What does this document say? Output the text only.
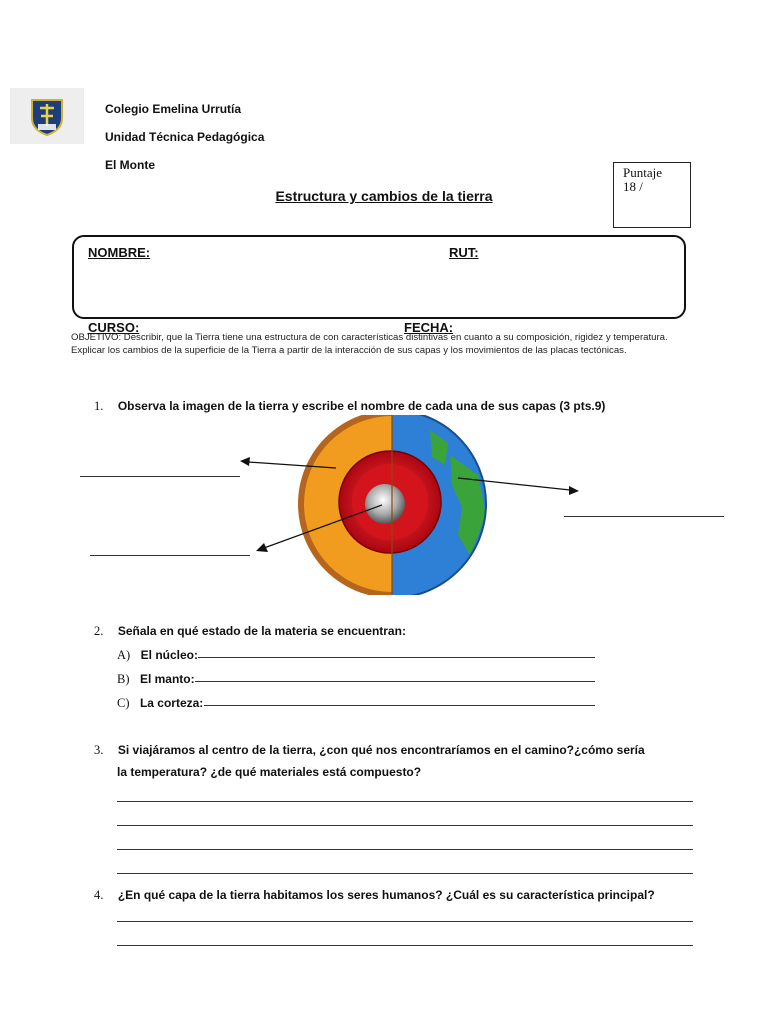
Colegio Emelina Urrutía
Unidad Técnica Pedagógica
El Monte	Puntaje
18 /
Estructura y cambios de la tierra
NOMBRE:	RUT:
CURSO:	FECHA:
OBJETIVO: Describir, que la Tierra tiene una estructura de con características distintivas en cuanto a su composición, rigidez y temperatura. Explicar los cambios de la superficie de la Tierra a partir de la interacción de sus capas y los movimientos de las placas tectónicas.
1. Observa la imagen de la tierra y escribe el nombre de cada una de sus capas (3 pts.9)
2. Señala en qué estado de la materia se encuentran:
A) El núcleo:
B) El manto:
C) La corteza:
3. Si viajáramos al centro de la tierra, ¿con qué nos encontraríamos en el camino?¿cómo sería
la temperatura? ¿de qué materiales está compuesto?
4. ¿En qué capa de la tierra habitamos los seres humanos? ¿Cuál es su característica principal?
